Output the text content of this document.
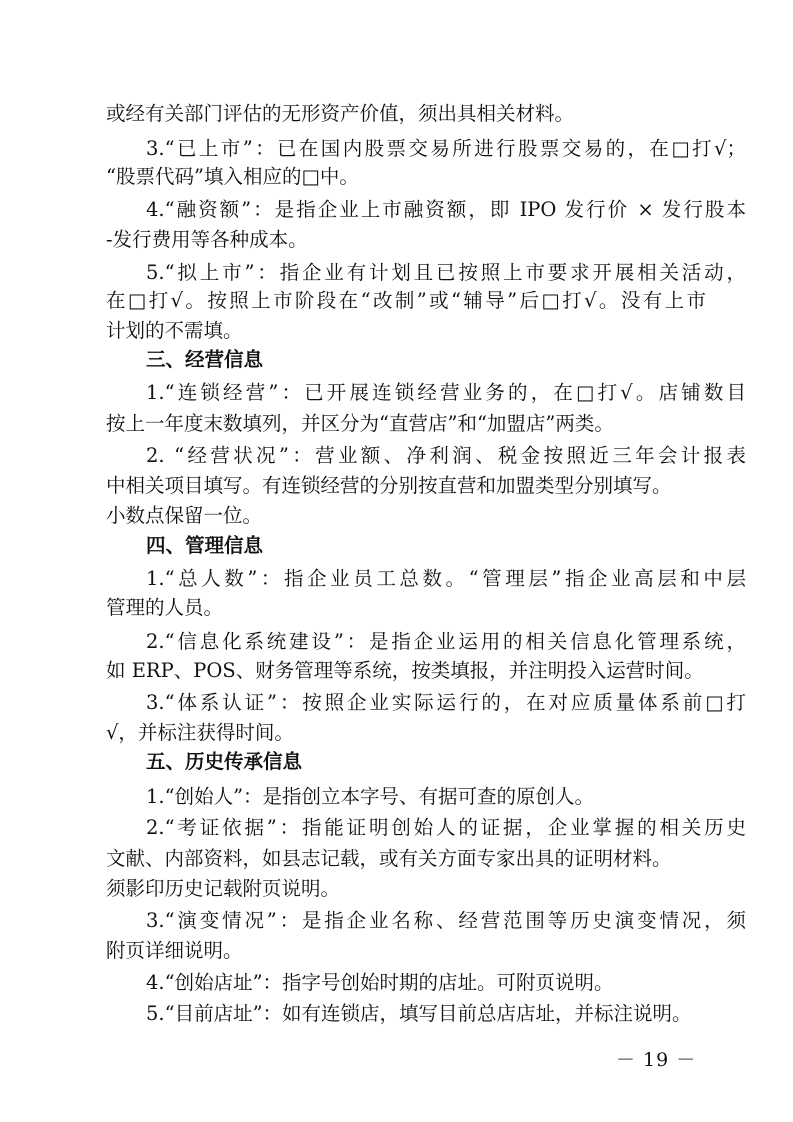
或经有关部门评估的无形资产价值，须出具相关材料。
3.“已上市”：已在国内股票交易所进行股票交易的，在□打√；
“股票代码”填入相应的□中。
4.“融资额”：是指企业上市融资额，即 IPO 发行价 × 发行股本
-发行费用等各种成本。
5.“拟上市”：指企业有计划且已按照上市要求开展相关活动，
在□打√。按照上市阶段在“改制”或“辅导”后□打√。没有上市
计划的不需填。
三、经营信息
1.“连锁经营”：已开展连锁经营业务的，在□打√。店铺数目
按上一年度末数填列，并区分为“直营店”和“加盟店”两类。
2. “经营状况”：营业额、净利润、税金按照近三年会计报表
中相关项目填写。有连锁经营的分别按直营和加盟类型分别填写。
小数点保留一位。
四、管理信息
1.“总人数”：指企业员工总数。“管理层”指企业高层和中层
管理的人员。
2.“信息化系统建设”：是指企业运用的相关信息化管理系统，
如 ERP、POS、财务管理等系统，按类填报，并注明投入运营时间。
3.“体系认证”：按照企业实际运行的，在对应质量体系前□打
√，并标注获得时间。
五、历史传承信息
1.“创始人”：是指创立本字号、有据可查的原创人。
2.“考证依据”：指能证明创始人的证据，企业掌握的相关历史
文献、内部资料，如县志记载，或有关方面专家出具的证明材料。
须影印历史记载附页说明。
3.“演变情况”：是指企业名称、经营范围等历史演变情况，须
附页详细说明。
4.“创始店址”：指字号创始时期的店址。可附页说明。
5.“目前店址”：如有连锁店，填写目前总店店址，并标注说明。
－ 19 －
